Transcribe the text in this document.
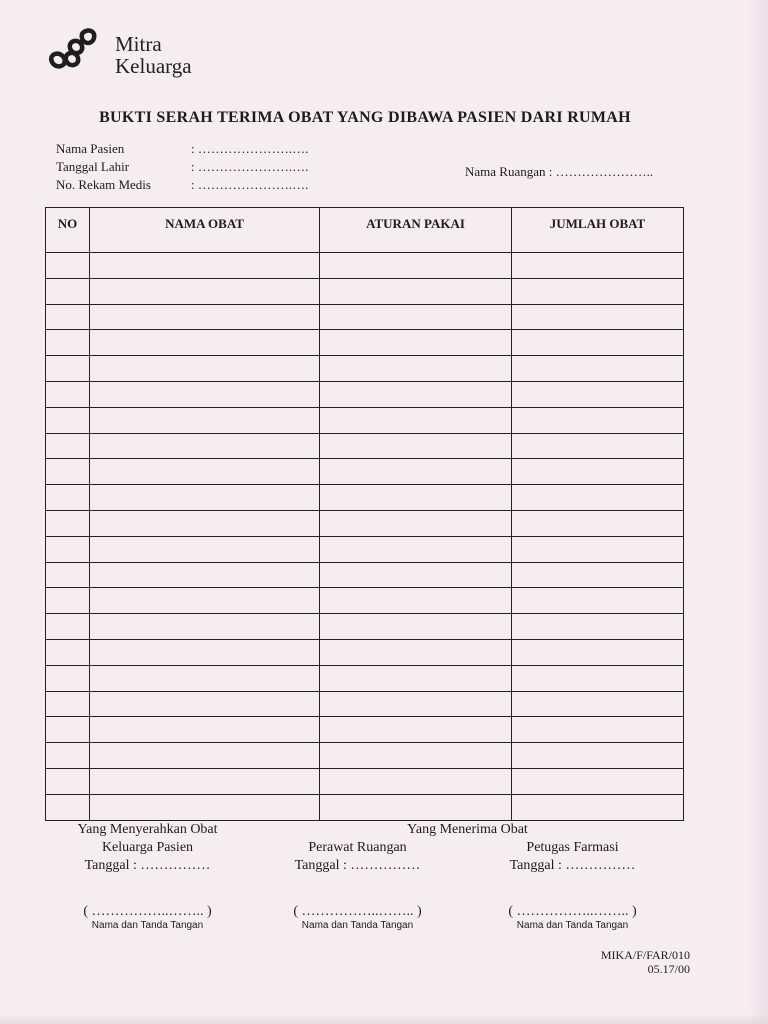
Mitra
Keluarga
BUKTI SERAH TERIMA OBAT YANG DIBAWA PASIEN DARI RUMAH
Nama Pasien	: ………………….….
Tanggal Lahir	: ………………….….
No. Rekam Medis	: ………………….….
Nama Ruangan : …………………..
NO	NAMA OBAT	ATURAN PAKAI	JUMLAH OBAT

Yang Menyerahkan Obat	Yang Menerima Obat
Keluarga Pasien	Perawat Ruangan	Petugas Farmasi
Tanggal : ……………	Tanggal : ……………	Tanggal : ……………
( ……………..…….. )	( ……………..…….. )	( ……………..…….. )
Nama dan Tanda Tangan	Nama dan Tanda Tangan	Nama dan Tanda Tangan
MIKA/F/FAR/010
05.17/00
